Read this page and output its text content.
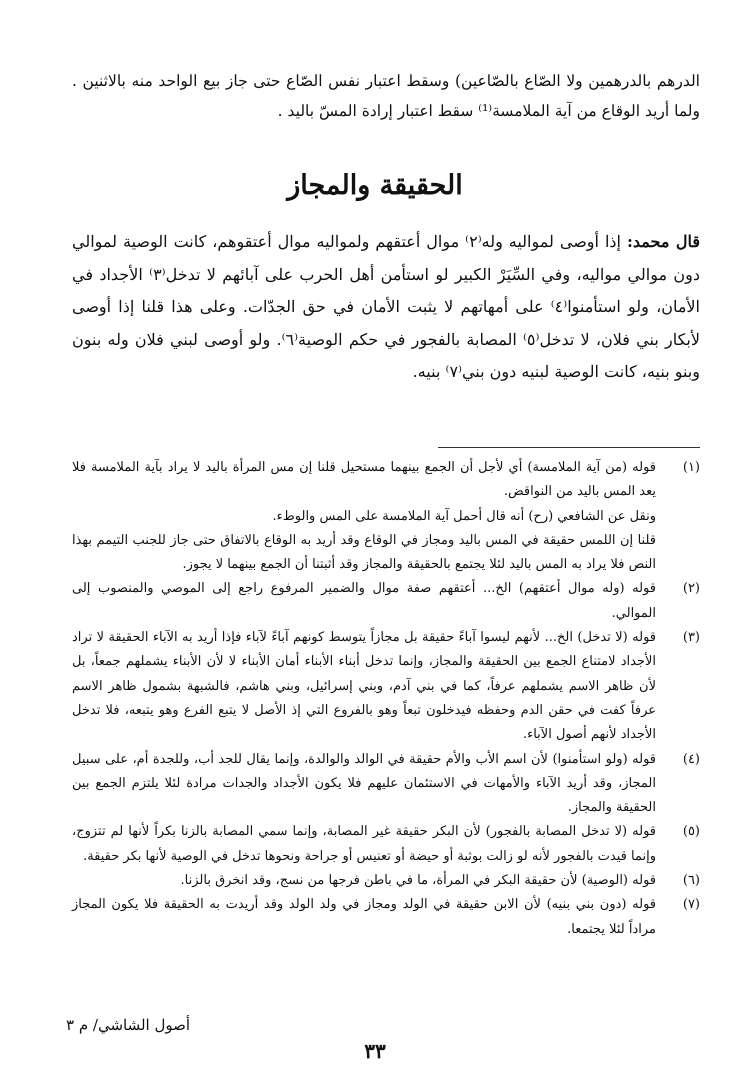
الدرهم بالدرهمين ولا الصّاع بالصّاعين) وسقط اعتبار نفس الصّاع حتى جاز بيع الواحد منه بالاثنين . ولما أريد الوقاع من آية الملامسة⁽¹⁾ سقط اعتبار إرادة المسّ باليد .
الحقيقة والمجاز
قال محمد: إذا أوصى لمواليه وله⁽٢⁾ موال أعتقهم ولمواليه موال أعتقوهم، كانت الوصية لموالي دون موالي مواليه، وفي السِّيَرْ الكبير لو استأمن أهل الحرب على آبائهم لا تدخل⁽٣⁾ الأجداد في الأمان، ولو استأمنوا⁽٤⁾ على أمهاتهم لا يثبت الأمان في حق الجدّات. وعلى هذا قلنا إذا أوصى لأبكار بني فلان، لا تدخل⁽٥⁾ المصابة بالفجور في حكم الوصية⁽٦⁾. ولو أوصى لبني فلان وله بنون وبنو بنيه، كانت الوصية لبنيه دون بني⁽٧⁾ بنيه.
(١)

قوله (من آية الملامسة) أي لأجل أن الجمع بينهما مستحيل قلنا إن مس المرأة باليد لا يراد بآية الملامسة فلا يعد المس باليد من النواقض.

ونقل عن الشافعي (رح) أنه قال أحمل آية الملامسة على المس والوطء.

قلنا إن اللمس حقيقة في المس باليد ومجاز في الوقاع وقد أريد به الوقاع بالاتفاق حتى جاز للجنب التيمم بهذا النص فلا يراد به المس باليد لئلا يجتمع بالحقيقة والمجاز وقد أثبتنا أن الجمع بينهما لا يجوز.

(٢)

قوله (وله موال أعتقهم) الخ... أعتقهم صفة موال والضمير المرفوع راجع إلى الموصي والمنصوب إلى الموالي.

(٣)

قوله (لا تدخل) الخ... لأنهم ليسوا آباءً حقيقة بل مجازاً يتوسط كونهم آباءً لآباء فإذا أريد به الآباء الحقيقة لا تراد الأجداد لامتناع الجمع بين الحقيقة والمجاز، وإنما تدخل أبناء الأبناء أمان الأبناء لا لأن الأبناء يشملهم جمعاً، بل لأن ظاهر الاسم يشملهم عرفاً، كما في بني آدم، وبني إسرائيل، وبني هاشم، فالشبهة بشمول ظاهر الاسم عرفاً كفت في حقن الدم وحفظه فيدخلون تبعاً وهو بالفروع التي إذ الأصل لا يتبع الفرع وهو يتبعه، فلا تدخل الأجداد لأنهم أصول الآباء.

(٤)

قوله (ولو استأمنوا) لأن اسم الأب والأم حقيقة في الوالد والوالدة، وإنما يقال للجد أب، وللجدة أم، على سبيل المجاز، وقد أريد الآباء والأمهات في الاستئمان عليهم فلا يكون الأجداد والجدات مرادة لئلا يلتزم الجمع بين الحقيقة والمجاز.

(٥)

قوله (لا تدخل المصابة بالفجور) لأن البكر حقيقة غير المصابة، وإنما سمي المصابة بالزنا بكراً لأنها لم تتزوج، وإنما قيدت بالفجور لأنه لو زالت بوثبة أو حيضة أو تعنيس أو جراحة ونحوها تدخل في الوصية لأنها بكر حقيقة.

(٦)

قوله (الوصية) لأن حقيقة البكر في المرأة، ما في باطن فرجها من نسج، وقد انخرق بالزنا.

(٧)

قوله (دون بني بنيه) لأن الابن حقيقة في الولد ومجاز في ولد الولد وقد أريدت به الحقيقة فلا يكون المجاز مراداً لئلا يجتمعا.

أصول الشاشي/ م ٣
٣٣
